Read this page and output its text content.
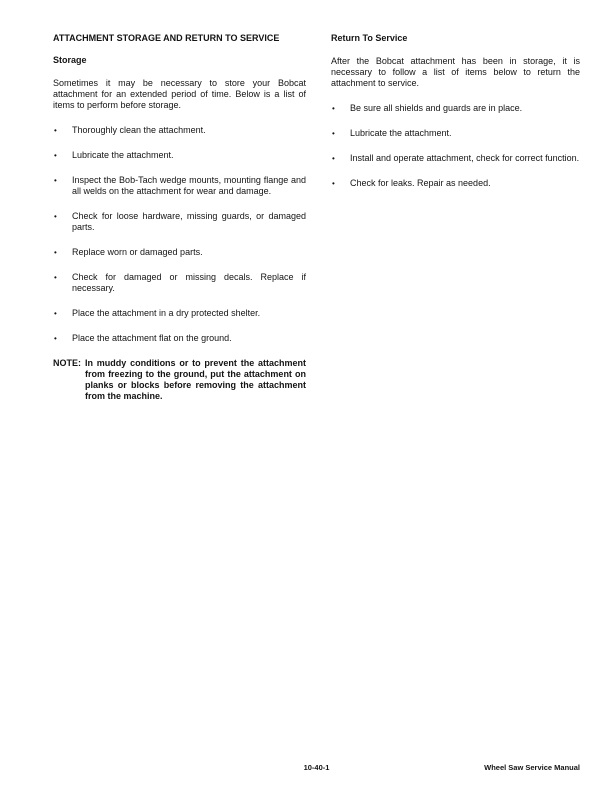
ATTACHMENT STORAGE AND RETURN TO SERVICE
Storage
Sometimes it may be necessary to store your Bobcat attachment for an extended period of time. Below is a list of items to perform before storage.
• Thoroughly clean the attachment.
• Lubricate the attachment.
• Inspect the Bob-Tach wedge mounts, mounting flange and all welds on the attachment for wear and damage.
• Check for loose hardware, missing guards, or damaged parts.
• Replace worn or damaged parts.
• Check for damaged or missing decals. Replace if necessary.
• Place the attachment in a dry protected shelter.
• Place the attachment flat on the ground.
NOTE: In muddy conditions or to prevent the attachment from freezing to the ground, put the attachment on planks or blocks before removing the attachment from the machine.
Return To Service
After the Bobcat attachment has been in storage, it is necessary to follow a list of items below to return the attachment to service.
• Be sure all shields and guards are in place.
• Lubricate the attachment.
• Install and operate attachment, check for correct function.
• Check for leaks. Repair as needed.
10-40-1	Wheel Saw Service Manual
